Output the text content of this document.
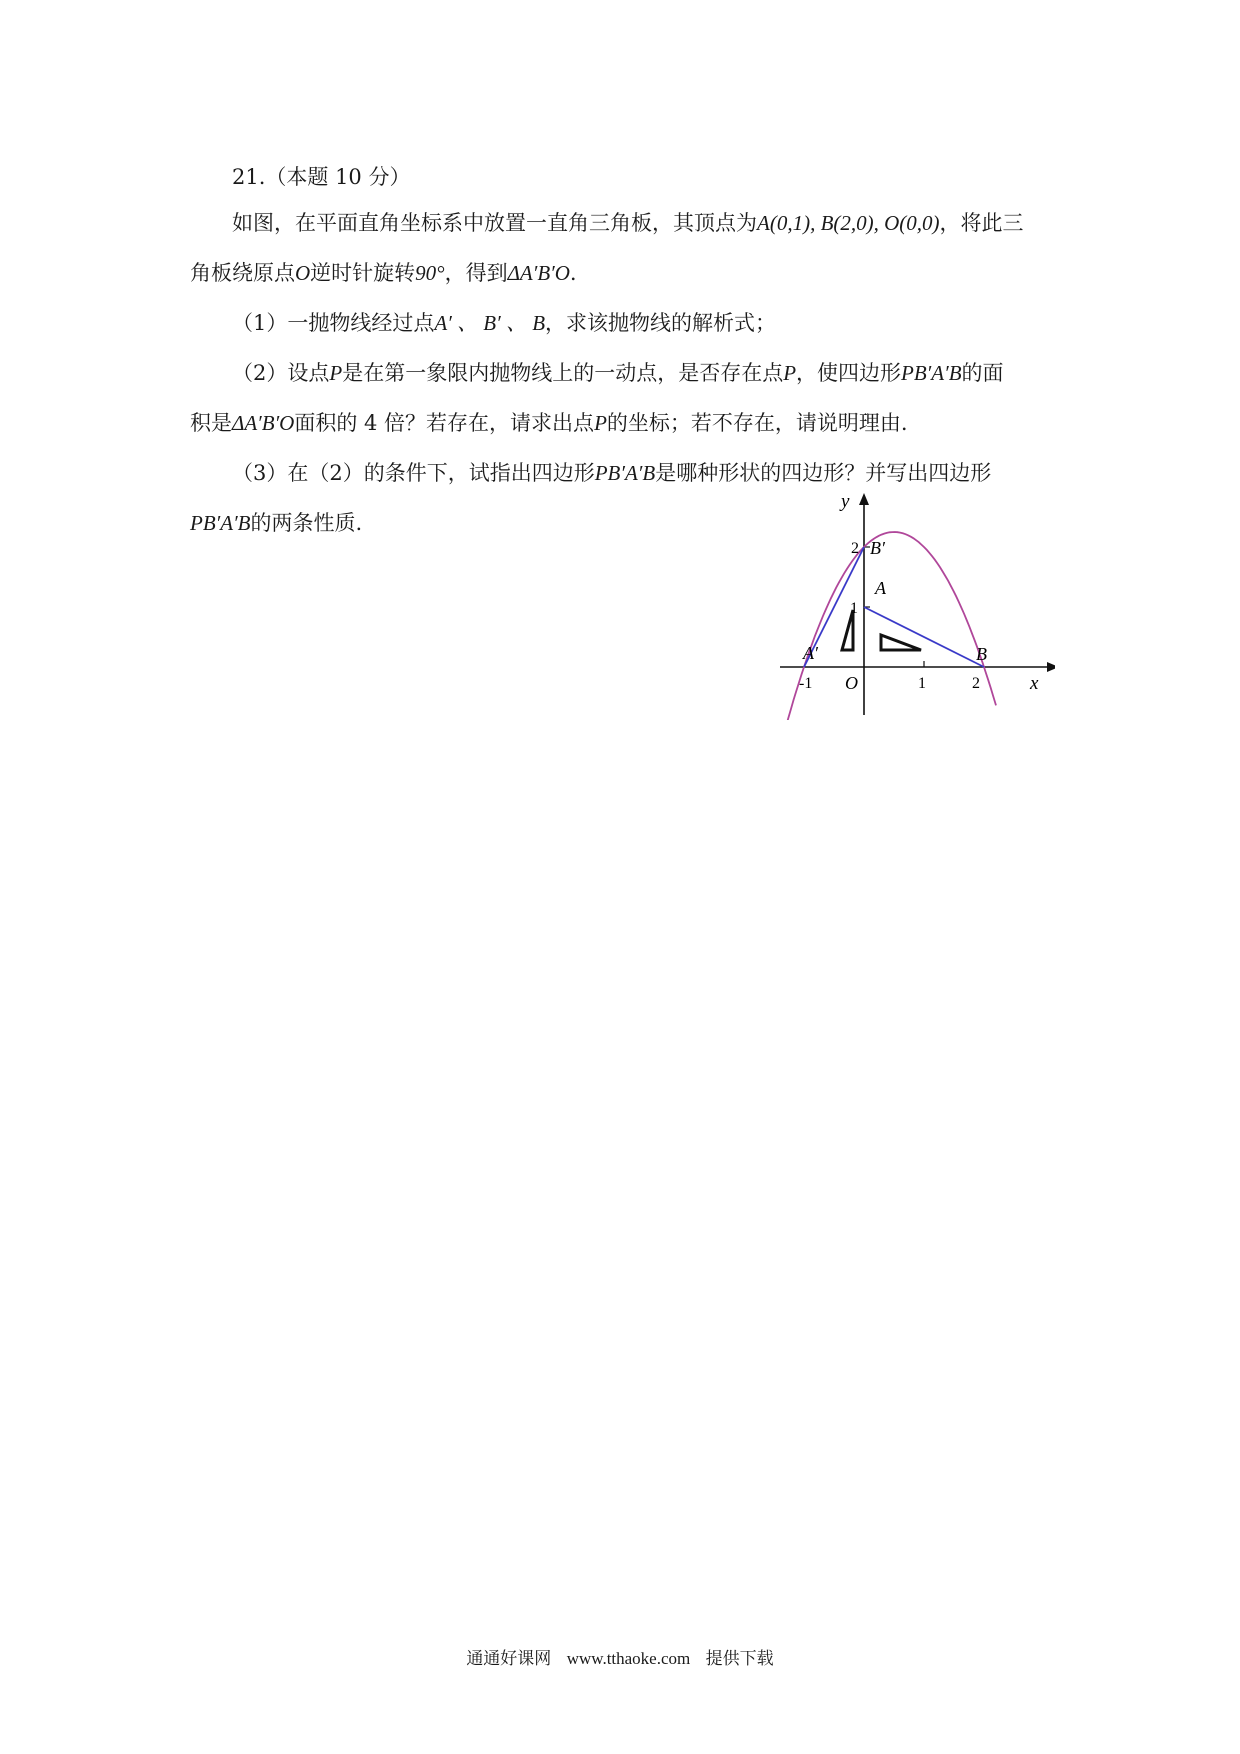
21.（本题 10 分）
如图，在平面直角坐标系中放置一直角三角板，其顶点为A(0,1), B(2,0), O(0,0)，将此三
角板绕原点O逆时针旋转90°，得到ΔA′B′O.
（1）一抛物线经过点A′ 、 B′ 、 B，求该抛物线的解析式；
（2）设点P是在第一象限内抛物线上的一动点，是否存在点P，使四边形PB′A′B的面
积是ΔA′B′O面积的 4 倍？若存在，请求出点P的坐标；若不存在，请说明理由.
（3）在（2）的条件下，试指出四边形PB′A′B是哪种形状的四边形？并写出四边形
PB′A′B的两条性质.
x
y
O
-1	1	2
1
2
A
B
A′
B′
通通好课网 www.tthaoke.com 提供下载
